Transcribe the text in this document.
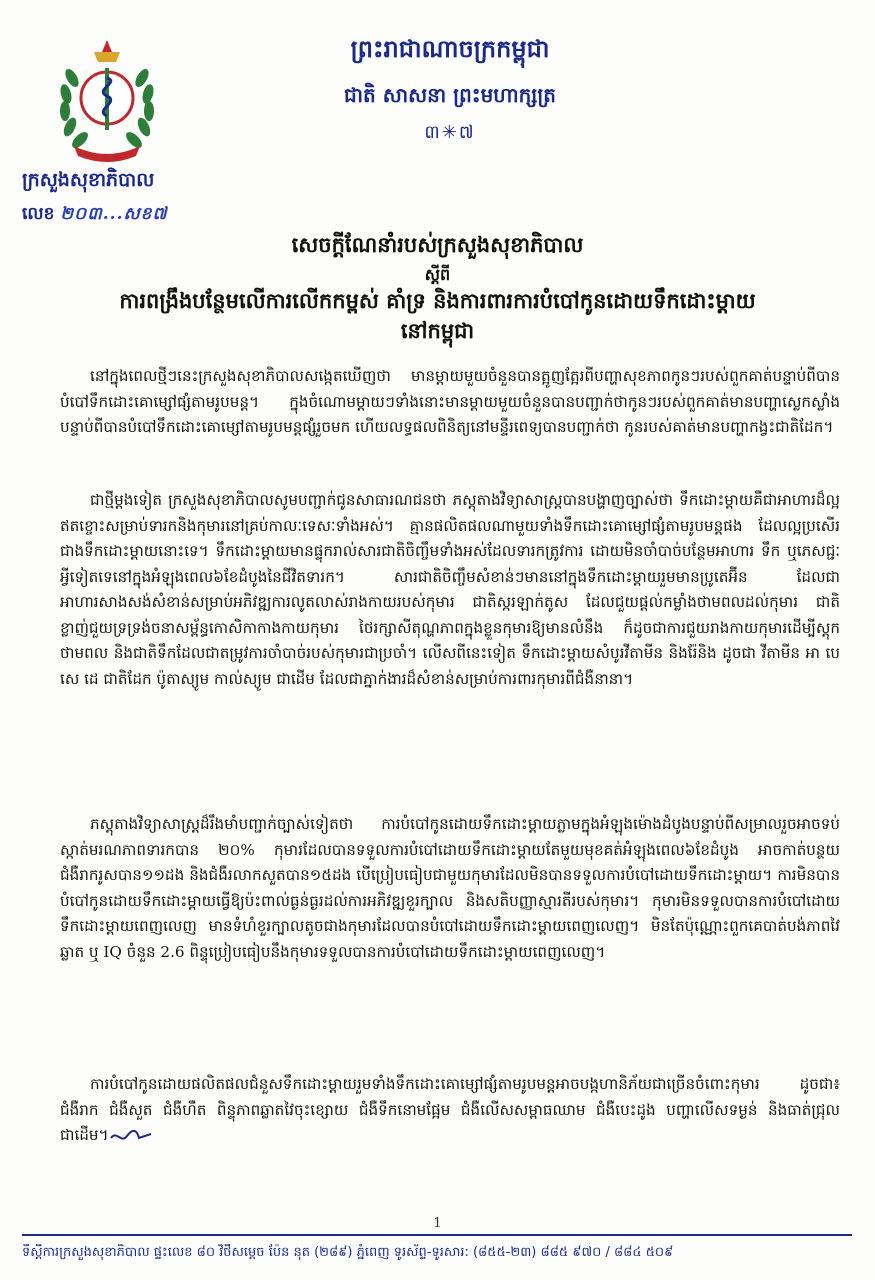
ក្រសួងសុខាភិបាល
លេខ ២០៣...សខ៧
ព្រះរាជាណាចក្រកម្ពុជា
ជាតិ សាសនា ព្រះមហាក្សត្រ
៣✳៧
សេចក្តីណែនាំរបស់ក្រសួងសុខាភិបាល
ស្តីពី
ការពង្រឹងបន្ថែមលើការលើកកម្ពស់ គាំទ្រ និងការពារការបំបៅកូនដោយទឹកដោះម្តាយ
នៅកម្ពុជា

នៅក្នុងពេលថ្មីៗនេះក្រសួងសុខាភិបាលសង្កេតឃើញថា មានម្តាយមួយចំនួនបានត្អូញត្អែរពីបញ្ហាសុខភាពកូនៗរបស់ពួកគាត់បន្ទាប់ពីបានបំបៅទឹកដោះគោម្សៅផ្សំតាមរូបមន្ត។ ក្នុងចំណោមម្តាយៗទាំងនោះមានម្តាយមួយចំនួនបានបញ្ជាក់ថាកូនៗរបស់ពួកគាត់មានបញ្ហាស្លេកស្លាំង បន្ទាប់ពីបានបំបៅទឹកដោះគោម្សៅតាមរូបមន្តផ្សំរួចមក ហើយលទ្ធផលពិនិត្យនៅមន្ទីរពេទ្យបានបញ្ជាក់ថា កូនរបស់គាត់មានបញ្ហាកង្វះជាតិដែក។

ជាថ្មីម្តងទៀត ក្រសួងសុខាភិបាលសូមបញ្ជាក់ជូនសាធារណជនថា ភស្តុតាងវិទ្យាសាស្ត្របានបង្ហាញច្បាស់ថា ទឹកដោះម្តាយគឺជាអាហារដ៏ល្អឥតខ្ចោះសម្រាប់ទារកនិងកុមារនៅគ្រប់កាលៈទេសៈទាំងអស់។ គ្មានផលិតផលណាមួយទាំងទឹកដោះគោម្សៅផ្សំតាមរូបមន្តផង ដែលល្អប្រសើរជាងទឹកដោះម្តាយនោះទេ។ ទឹកដោះម្តាយមានផ្ទុករាល់សារជាតិចិញ្ចឹមទាំងអស់ដែលទារកត្រូវការ ដោយមិនចាំបាច់បន្ថែមអាហារ ទឹក ឬភេសជ្ជៈ អ្វីទៀតទេនៅក្នុងអំឡុងពេល៦ខែដំបូងនៃជីវិតទារក។ សារជាតិចិញ្ចឹមសំខាន់ៗមាននៅក្នុងទឹកដោះម្តាយរួមមានប្រូតេអ៊ីន ដែលជាអាហារសាងសង់សំខាន់សម្រាប់អភិវឌ្ឍការលូតលាស់រាងកាយរបស់កុមារ ជាតិស្ករឡាក់តូស ដែលជួយផ្តល់កម្លាំងថាមពលដល់កុមារ ជាតិខ្លាញ់ជួយទ្រទ្រង់ចនាសម្ព័ន្ធកោសិកាកាងកាយកុមារ ថៃរក្សាសីតុណ្ហភាពក្នុងខ្លួនកុមារឱ្យមានលំនឹង ក៏ដូចជាការជួយរាងកាយកុមារដើម្បីស្តុកថាមពល និងជាតិទឹកដែលជាតម្រូវការចាំបាច់របស់កុមារជាប្រចាំ។ លើសពីនេះទៀត ទឹកដោះម្តាយសំបូរវីតាមីន និងរ៉ែនិង ដូចជា វីតាមីន អា បេ សេ ដេ ជាតិដែក ប៉ូតាស្យូម កាល់ស្យូម ជាដើម ដែលជាភ្នាក់ងារដ៏សំខាន់សម្រាប់ការពារកុមារពីជំងឺនានា។

ភស្តុតាងវិទ្យាសាស្ត្រដ៏រឹងមាំបញ្ជាក់ច្បាស់ទៀតថា ការបំបៅកូនដោយទឹកដោះម្តាយភ្លាមក្នុងអំឡុងម៉ោងដំបូងបន្ទាប់ពីសម្រាលរួចអាចទប់ស្កាត់មរណភាពទារកបាន ២០% កុមារដែលបានទទួលការបំបៅដោយទឹកដោះម្តាយតែមួយមុខគត់អំឡុងពេល៦ខែដំបូង អាចកាត់បន្ថយជំងឺរាករូសបាន១១ដង និងជំងឺរលាកសួតបាន១៥ដង បើប្រៀបធៀបជាមួយកុមារដែលមិនបានទទួលការបំបៅដោយទឹកដោះម្តាយ។ ការមិនបានបំបៅកូនដោយទឹកដោះម្តាយធ្វើឱ្យប៉ះពាល់ធ្ងន់ធ្ងរដល់ការអភិវឌ្ឍខួរក្បាល និងសតិបញ្ញាស្មារតីរបស់កុមារ។ កុមារមិនទទួលបានការបំបៅដោយទឹកដោះម្តាយពេញលេញ មានទំហំខួរក្បាលតូចជាងកុមារដែលបានបំបៅដោយទឹកដោះម្តាយពេញលេញ។ មិនតែប៉ុណ្ណោះពួកគេបាត់បង់ភាពវៃឆ្លាត ឬ IQ ចំនួន 2.6 ពិន្ទុប្រៀបធៀបនឹងកុមារទទួលបានការបំបៅដោយទឹកដោះម្តាយពេញលេញ។

ការបំបៅកូនដោយផលិតផលជំនួសទឹកដោះម្តាយរួមទាំងទឹកដោះគោម្សៅផ្សំតាមរូបមន្តអាចបង្កហានិភ័យជាច្រើនចំពោះកុមារ ដូចជា៖ ជំងឺរាក ជំងឺសួត ជំងឺហឺត ពិន្ទុភាពឆ្លាតវៃចុះខ្សោយ ជំងឺទឹកនោមផ្អែម ជំងឺលើសសម្ពាធឈាម ជំងឺបេះដូង បញ្ហាលើសទម្ងន់ និងធាត់ជ្រុលជាដើម។

1
ទីស្តីការក្រសួងសុខាភិបាល ផ្ទះលេខ ៨០ វិថីសម្តេច ប៉ែន នុត (២៨៩) ភ្នំពេញ ទូរស័ព្ទ-ទូរសារ: (៨៥៥-២៣) ៨៨៥ ៩៧០ / ៨៨៤ ៥០៩
